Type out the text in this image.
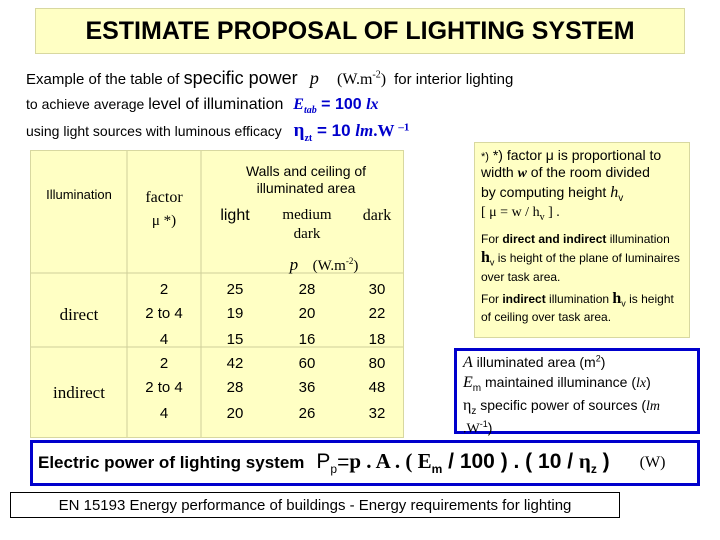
ESTIMATE PROPOSAL OF LIGHTING SYSTEM
Example of the table of specific power p $(W.m^{-2})$ for interior lighting
to achieve average level of illumination $E_{tab} = 100$ lx
using light sources with luminous efficacy $\eta_{zt} = 10$ lm.W $^{-1}$
*) *) factor μ is proportional to
width w of the room divided
by computing height $h_v$
[ $\mu = w / h_v$ ] .
For direct and indirect illumination $h_v$ is height of the plane of luminaires over task area.
For indirect illumination $h_v$ is height of ceiling over task area.
Illumination	factor
μ *)
Walls and ceiling of illuminated area
light	medium dark
dark
p $(W.m^{-2})$
direct
indirect
2	25	28	30
2 to 4	19	20	22
4	15	16	18
2	42	60	80
2 to 4	28	36	48
4	20	26	32
A illuminated area $(m^2)$
$E_m$ maintained illuminance (lx)
$\eta_z$ specific power of sources (lm
$.W^{-1}$)
Electric power of lighting system $P_p = p$ . A . ( $E_m / 100$ ) . ( $10 / \eta_z$ ) (W)
EN 15193 Energy performance of buildings - Energy requirements for lighting
